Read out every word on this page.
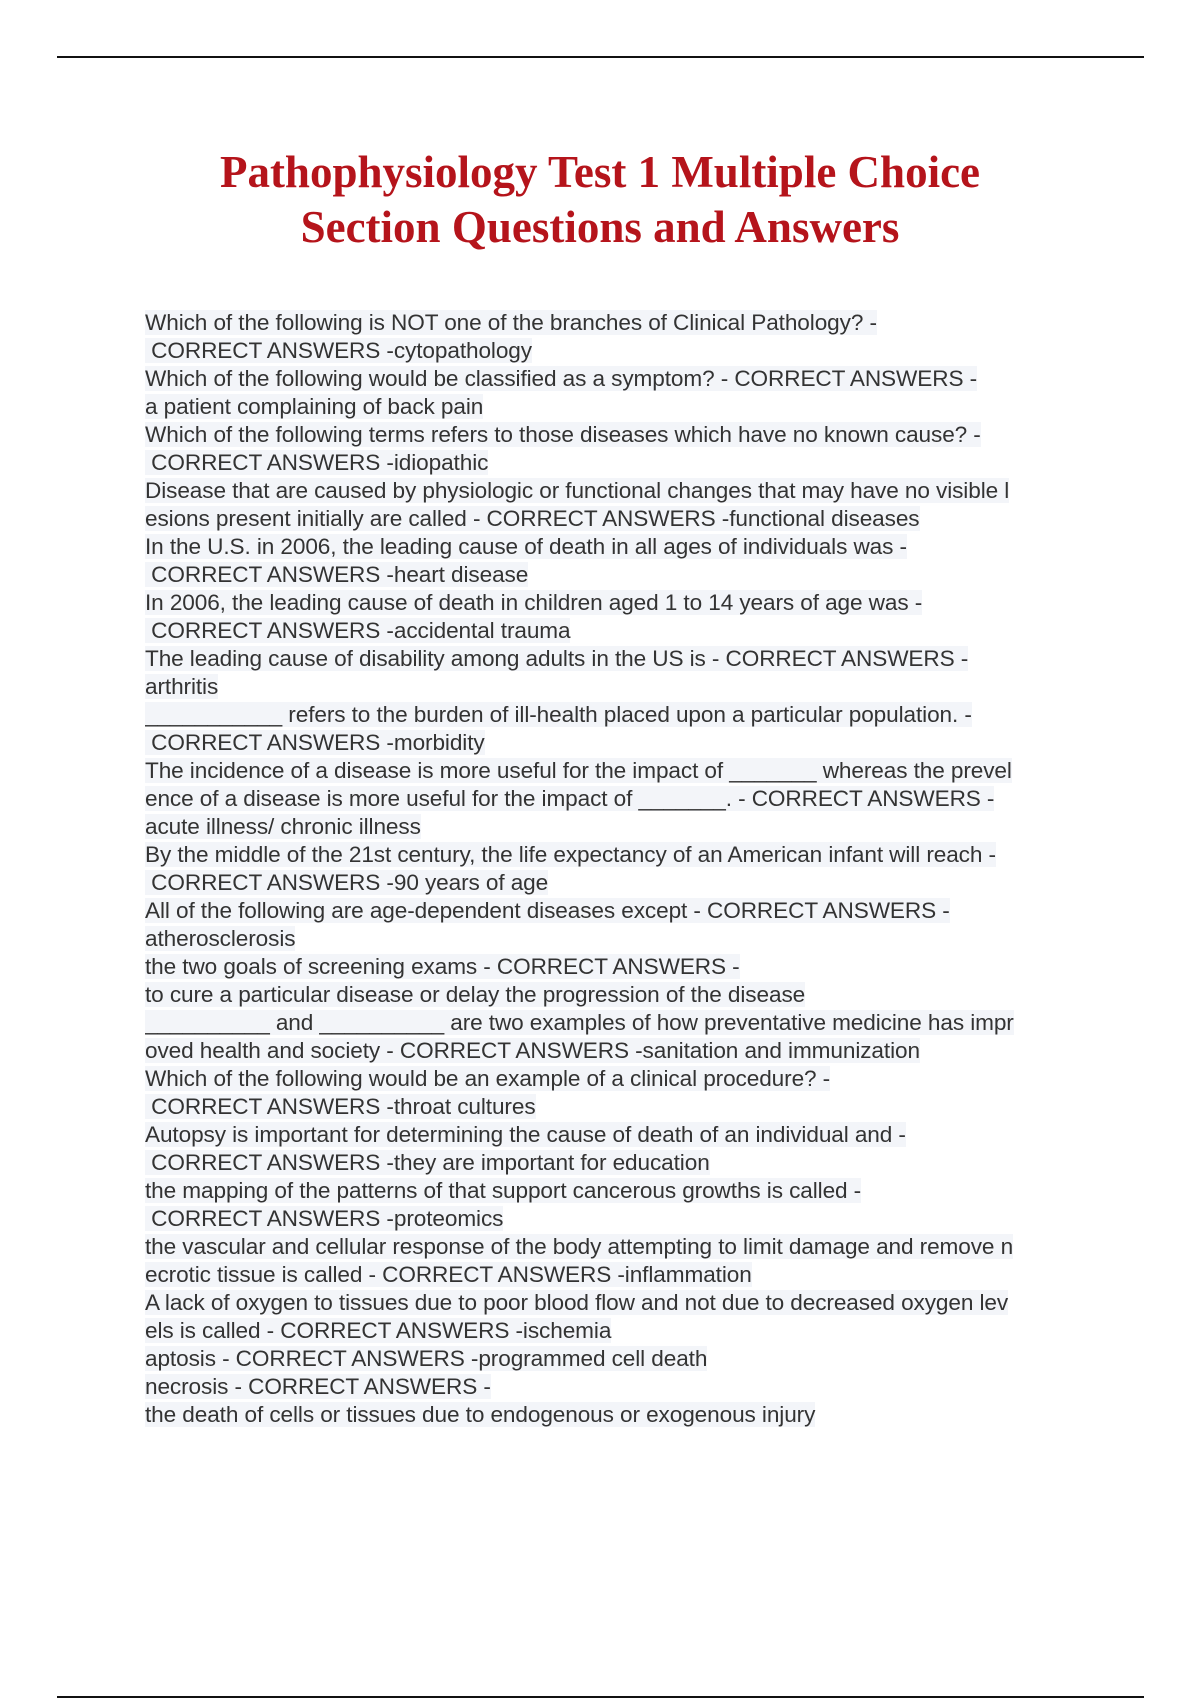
Pathophysiology Test 1 Multiple Choice
Section Questions and Answers
Which of the following is NOT one of the branches of Clinical Pathology? -
CORRECT ANSWERS -cytopathology
Which of the following would be classified as a symptom? - CORRECT ANSWERS -
a patient complaining of back pain
Which of the following terms refers to those diseases which have no known cause? -
CORRECT ANSWERS -idiopathic
Disease that are caused by physiologic or functional changes that may have no visible l
esions present initially are called - CORRECT ANSWERS -functional diseases
In the U.S. in 2006, the leading cause of death in all ages of individuals was -
CORRECT ANSWERS -heart disease
In 2006, the leading cause of death in children aged 1 to 14 years of age was -
CORRECT ANSWERS -accidental trauma
The leading cause of disability among adults in the US is - CORRECT ANSWERS -
arthritis
___________ refers to the burden of ill-health placed upon a particular population. -
CORRECT ANSWERS -morbidity
The incidence of a disease is more useful for the impact of _______ whereas the prevel
ence of a disease is more useful for the impact of _______. - CORRECT ANSWERS -
acute illness/ chronic illness
By the middle of the 21st century, the life expectancy of an American infant will reach -
CORRECT ANSWERS -90 years of age
All of the following are age-dependent diseases except - CORRECT ANSWERS -
atherosclerosis
the two goals of screening exams - CORRECT ANSWERS -
to cure a particular disease or delay the progression of the disease
__________ and __________ are two examples of how preventative medicine has impr
oved health and society - CORRECT ANSWERS -sanitation and immunization
Which of the following would be an example of a clinical procedure? -
CORRECT ANSWERS -throat cultures
Autopsy is important for determining the cause of death of an individual and -
CORRECT ANSWERS -they are important for education
the mapping of the patterns of that support cancerous growths is called -
CORRECT ANSWERS -proteomics
the vascular and cellular response of the body attempting to limit damage and remove n
ecrotic tissue is called - CORRECT ANSWERS -inflammation
A lack of oxygen to tissues due to poor blood flow and not due to decreased oxygen lev
els is called - CORRECT ANSWERS -ischemia
aptosis - CORRECT ANSWERS -programmed cell death
necrosis - CORRECT ANSWERS -
the death of cells or tissues due to endogenous or exogenous injury
